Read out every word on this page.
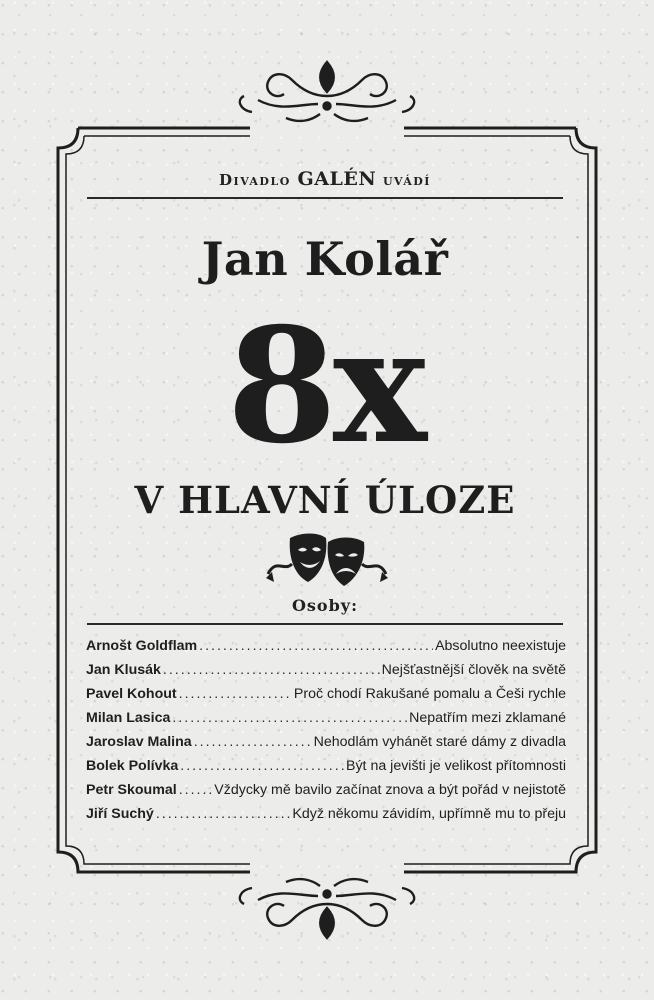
Divadlo GALÉN uvádí
Jan Kolář
8x
V HLAVNÍ ÚLOZE
Osoby:
Arnošt Goldflam .....	Absolutno neexistuje
Jan Klusák .....	Nejšťastnější člověk na světě
Pavel Kohout .....	Proč chodí Rakušané pomalu a Češi rychle
Milan Lasica .....	Nepatřím mezi zklamané
Jaroslav Malina .....	Nehodlám vyhánět staré dámy z divadla
Bolek Polívka .....	Být na jevišti je velikost přítomnosti
Petr Skoumal .....	Vždycky mě bavilo začínat znova a být pořád v nejistotě
Jiří Suchý .....	Když někomu závidím, upřímně mu to přeju
